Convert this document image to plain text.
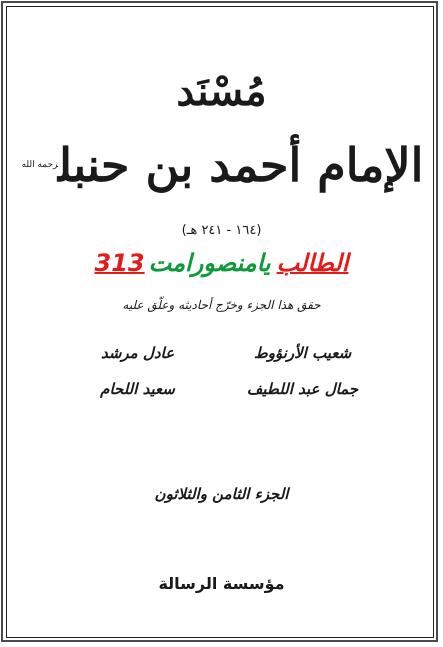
مُسْنَد
الإمام أحمد بن حنبل$^{رحمه الله}$
(١٦٤ - ٢٤١ هـ)
313 يامنصورامت الطالب
حقق هذا الجزء وخرّج أحاديثه وعلّق عليه
شعيب الأرنؤوط
عادل مرشد
جمال عبد اللطيف
سعيد اللحام
الجزء الثامن والثلاثون
مؤسسة الرسالة
